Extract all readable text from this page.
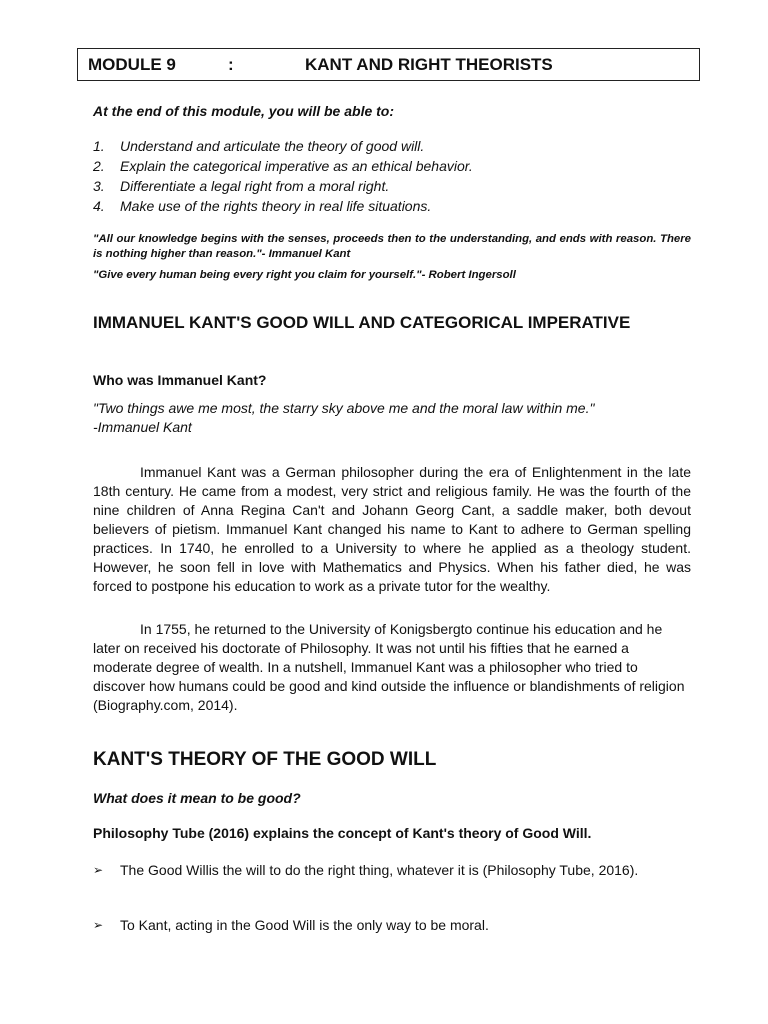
MODULE 9	:	KANT AND RIGHT THEORISTS
At the end of this module, you will be able to:
1. Understand and articulate the theory of good will.
2. Explain the categorical imperative as an ethical behavior.
3. Differentiate a legal right from a moral right.
4. Make use of the rights theory in real life situations.
"All our knowledge begins with the senses, proceeds then to the understanding, and ends with reason. There is nothing higher than reason."- Immanuel Kant
"Give every human being every right you claim for yourself."- Robert Ingersoll
IMMANUEL KANT'S GOOD WILL AND CATEGORICAL IMPERATIVE
Who was Immanuel Kant?
"Two things awe me most, the starry sky above me and the moral law within me."
-Immanuel Kant
Immanuel Kant was a German philosopher during the era of Enlightenment in the late 18th century. He came from a modest, very strict and religious family. He was the fourth of the nine children of Anna Regina Can't and Johann Georg Cant, a saddle maker, both devout believers of pietism. Immanuel Kant changed his name to Kant to adhere to German spelling practices. In 1740, he enrolled to a University to where he applied as a theology student. However, he soon fell in love with Mathematics and Physics. When his father died, he was forced to postpone his education to work as a private tutor for the wealthy.
In 1755, he returned to the University of Konigsbergto continue his education and he later on received his doctorate of Philosophy. It was not until his fifties that he earned a moderate degree of wealth. In a nutshell, Immanuel Kant was a philosopher who tried to discover how humans could be good and kind outside the influence or blandishments of religion (Biography.com, 2014).
KANT'S THEORY OF THE GOOD WILL
What does it mean to be good?
Philosophy Tube (2016) explains the concept of Kant's theory of Good Will.
➢ The Good Willis the will to do the right thing, whatever it is (Philosophy Tube, 2016).
➢ To Kant, acting in the Good Will is the only way to be moral.
